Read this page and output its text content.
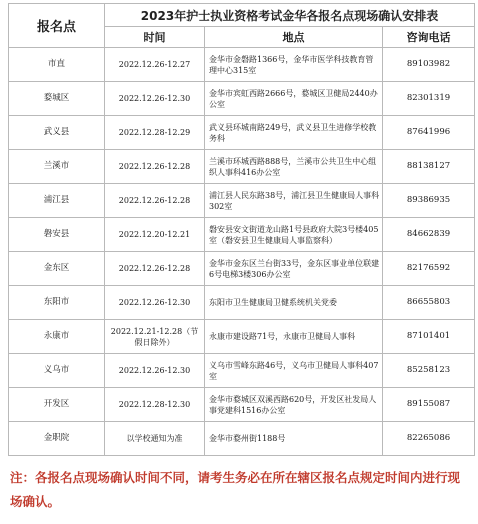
报名点	2023年护士执业资格考试金华各报名点现场确认安排表		
	时间	地点	咨询电话
市直	2022.12.26-12.27	金华市金磐路1366号，金华市医学科技教育管理中心315室	89103982
婺城区	2022.12.26-12.30	金华市宾虹西路2666号，婺城区卫健局2440办公室	82301319
武义县	2022.12.28-12.29	武义县环城南路249号，武义县卫生进修学校教务科	87641996
兰溪市	2022.12.26-12.28	兰溪市环城西路888号，兰溪市公共卫生中心组织人事科416办公室	88138127
浦江县	2022.12.26-12.28	浦江县人民东路38号，浦江县卫生健康局人事科302室	89386935
磐安县	2022.12.20-12.21	磐安县安文街道龙山路1号县政府大院3号楼405室（磐安县卫生健康局人事监察科）	84662839
金东区	2022.12.26-12.28	金华市金东区兰台街33号，金东区事业单位联建6号电梯3楼306办公室	82176592
东阳市	2022.12.26-12.30	东阳市卫生健康局卫健系统机关党委	86655803
永康市	2022.12.21-12.28（节假日除外）	永康市建设路71号，永康市卫健局人事科	87101401
义乌市	2022.12.26-12.30	义乌市雪峰东路46号，义乌市卫健局人事科407室	85258123
开发区	2022.12.28-12.30	金华市婺城区双溪西路620号，开发区社发局人事党建科1516办公室	89155087
金职院	以学校通知为准	金华市婺州街1188号	82265086
注：各报名点现场确认时间不同，请考生务必在所在辖区报名点规定时间内进行现场确认。
